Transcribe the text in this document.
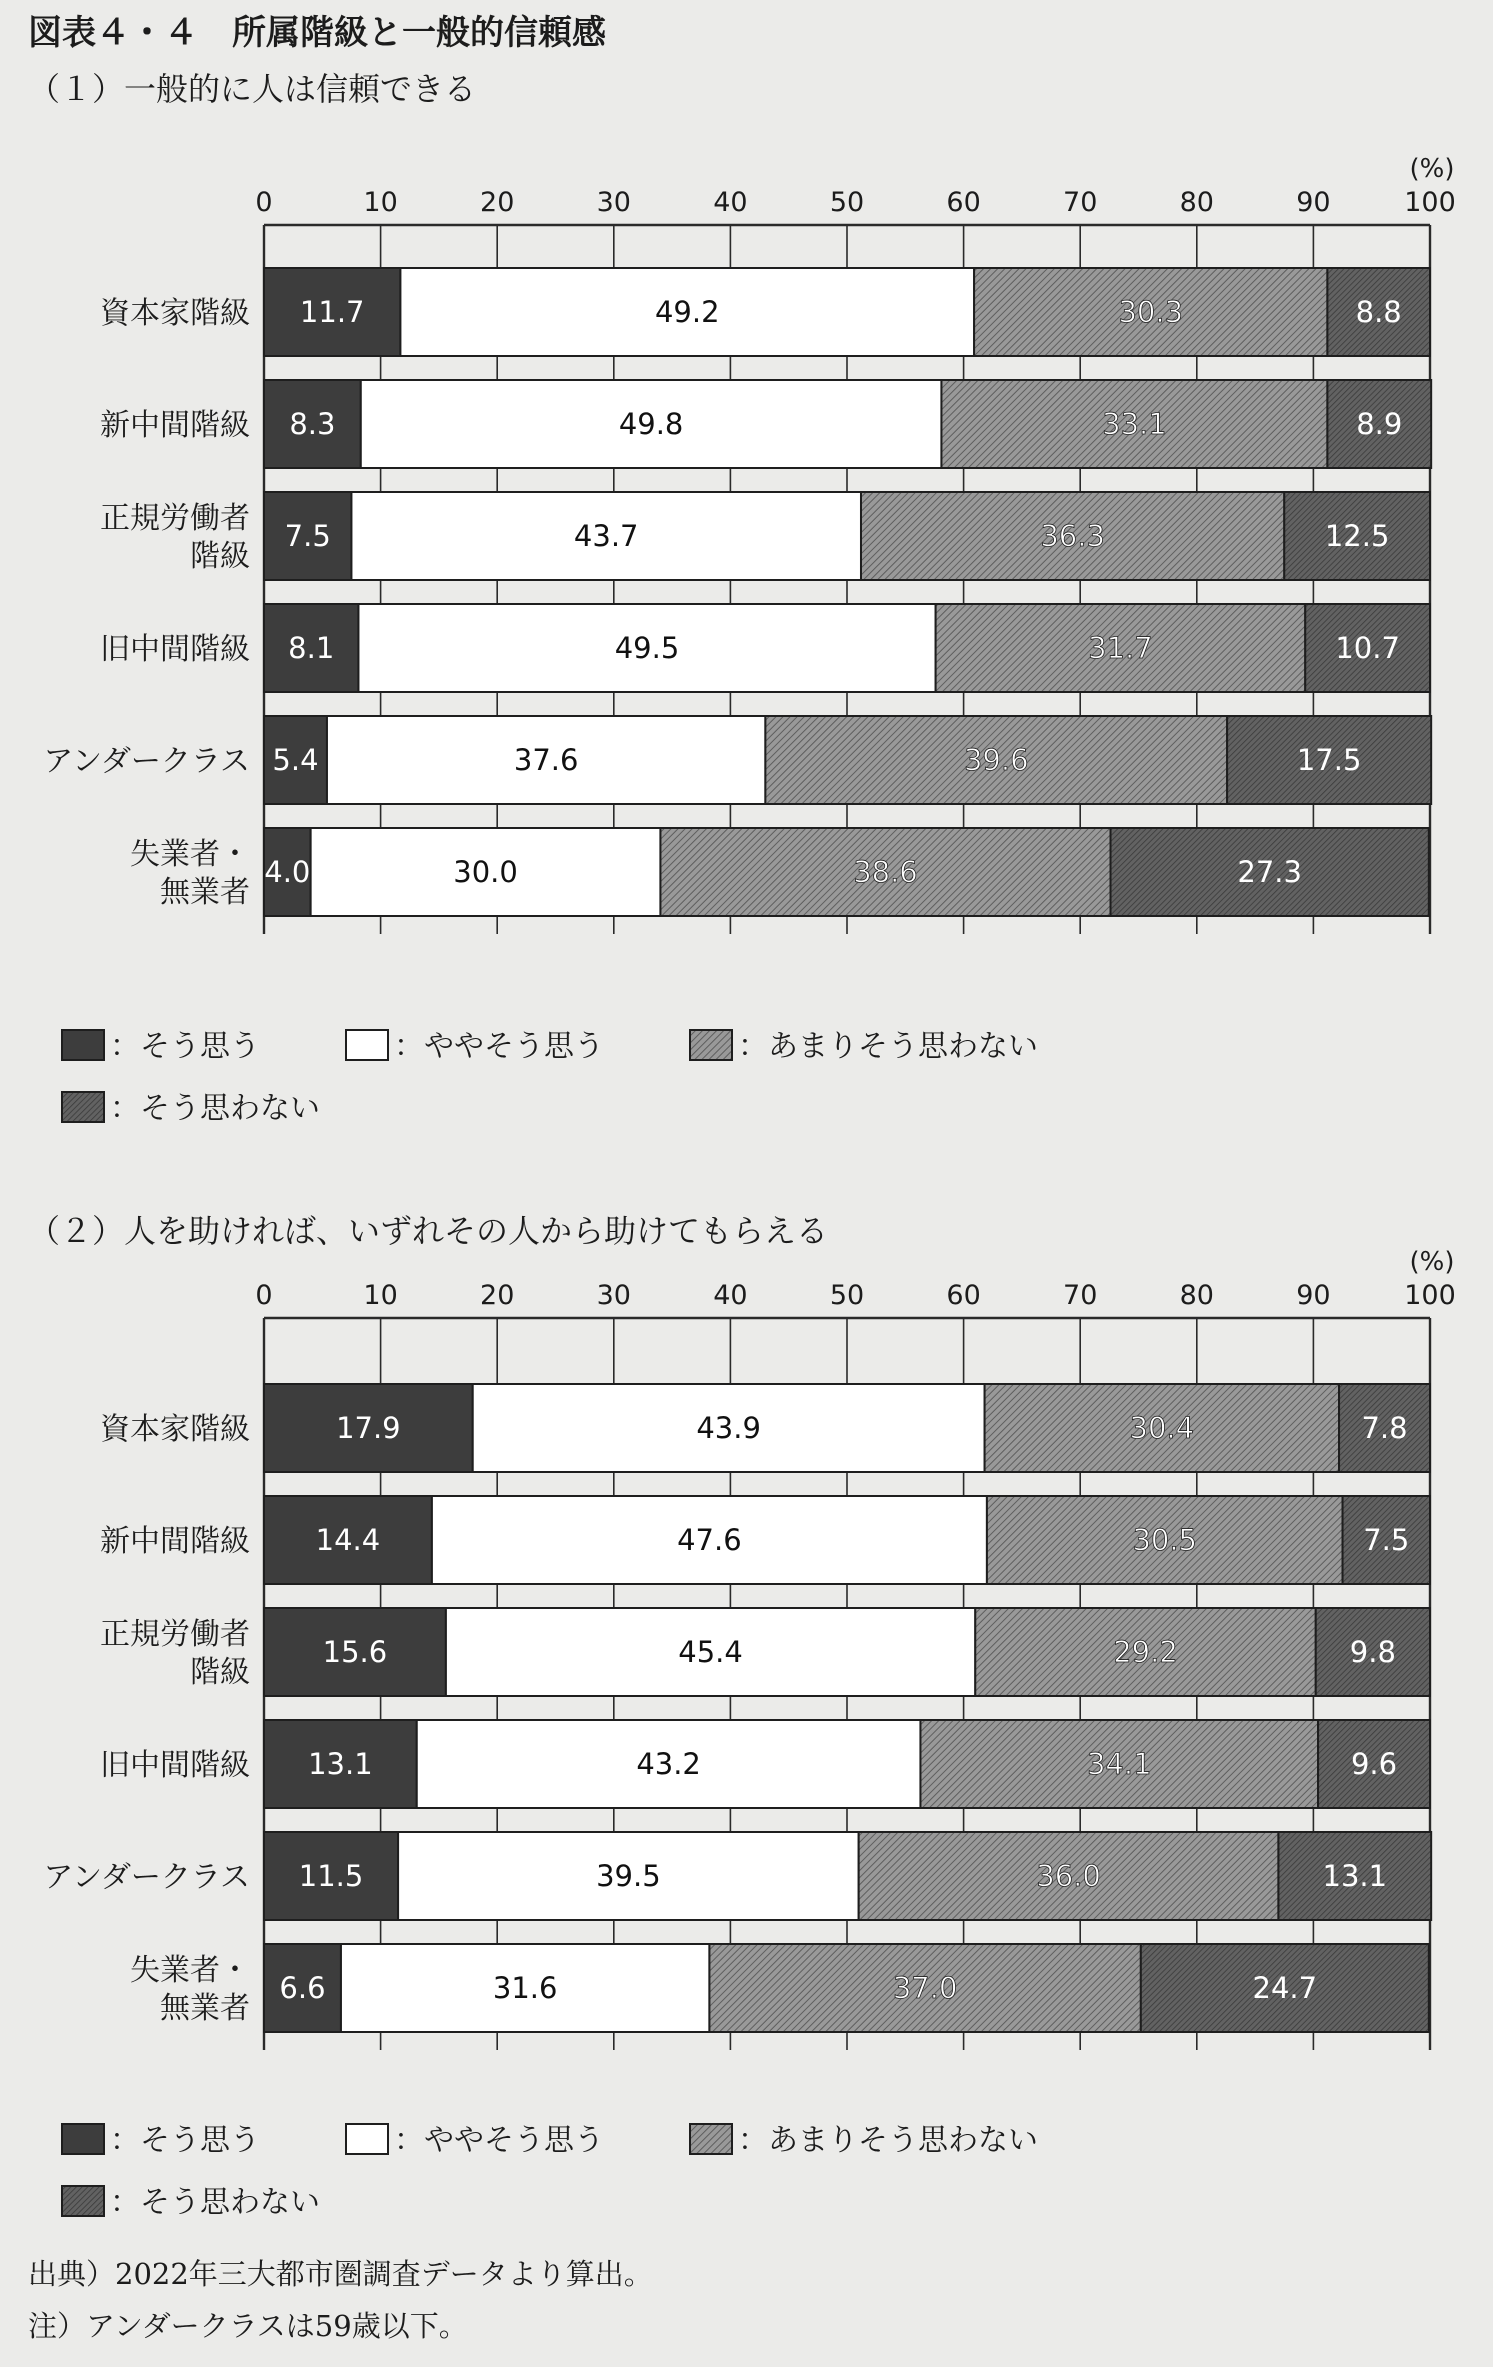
図表４・４　所属階級と一般的信頼感
（１）一般的に人は信頼できる
0	10	20	30	40	50	60	70	80	90	100
(%)
資本家階級 11.7	49.2	30.3	8.8
新中間階級 8.3	49.8	33.1	8.9
正規労働者
階級
7.5	43.7	36.3	12.5
旧中間階級 8.1	49.5	31.7	10.7
アンダークラス 5.4	37.6	39.6	17.5
失業者・
無業者
4.0	30.0	38.6	27.3
：そう思う	：ややそう思う	：あまりそう思わない
：そう思わない
（２）人を助ければ、いずれその人から助けてもらえる
0	10	20	30	40	50	60	70	80	90	100
(%)
資本家階級	17.9	43.9	30.4	7.8
新中間階級 14.4	47.6	30.5	7.5
正規労働者
階級
15.6	45.4	29.2	9.8
旧中間階級 13.1	43.2	34.1	9.6
アンダークラス 11.5	39.5	36.0	13.1
失業者・
無業者
6.6	31.6	37.0	24.7
：そう思う	：ややそう思う	：あまりそう思わない
：そう思わない
出典）2022年三大都市圏調査データより算出。
注）アンダークラスは59歳以下。
